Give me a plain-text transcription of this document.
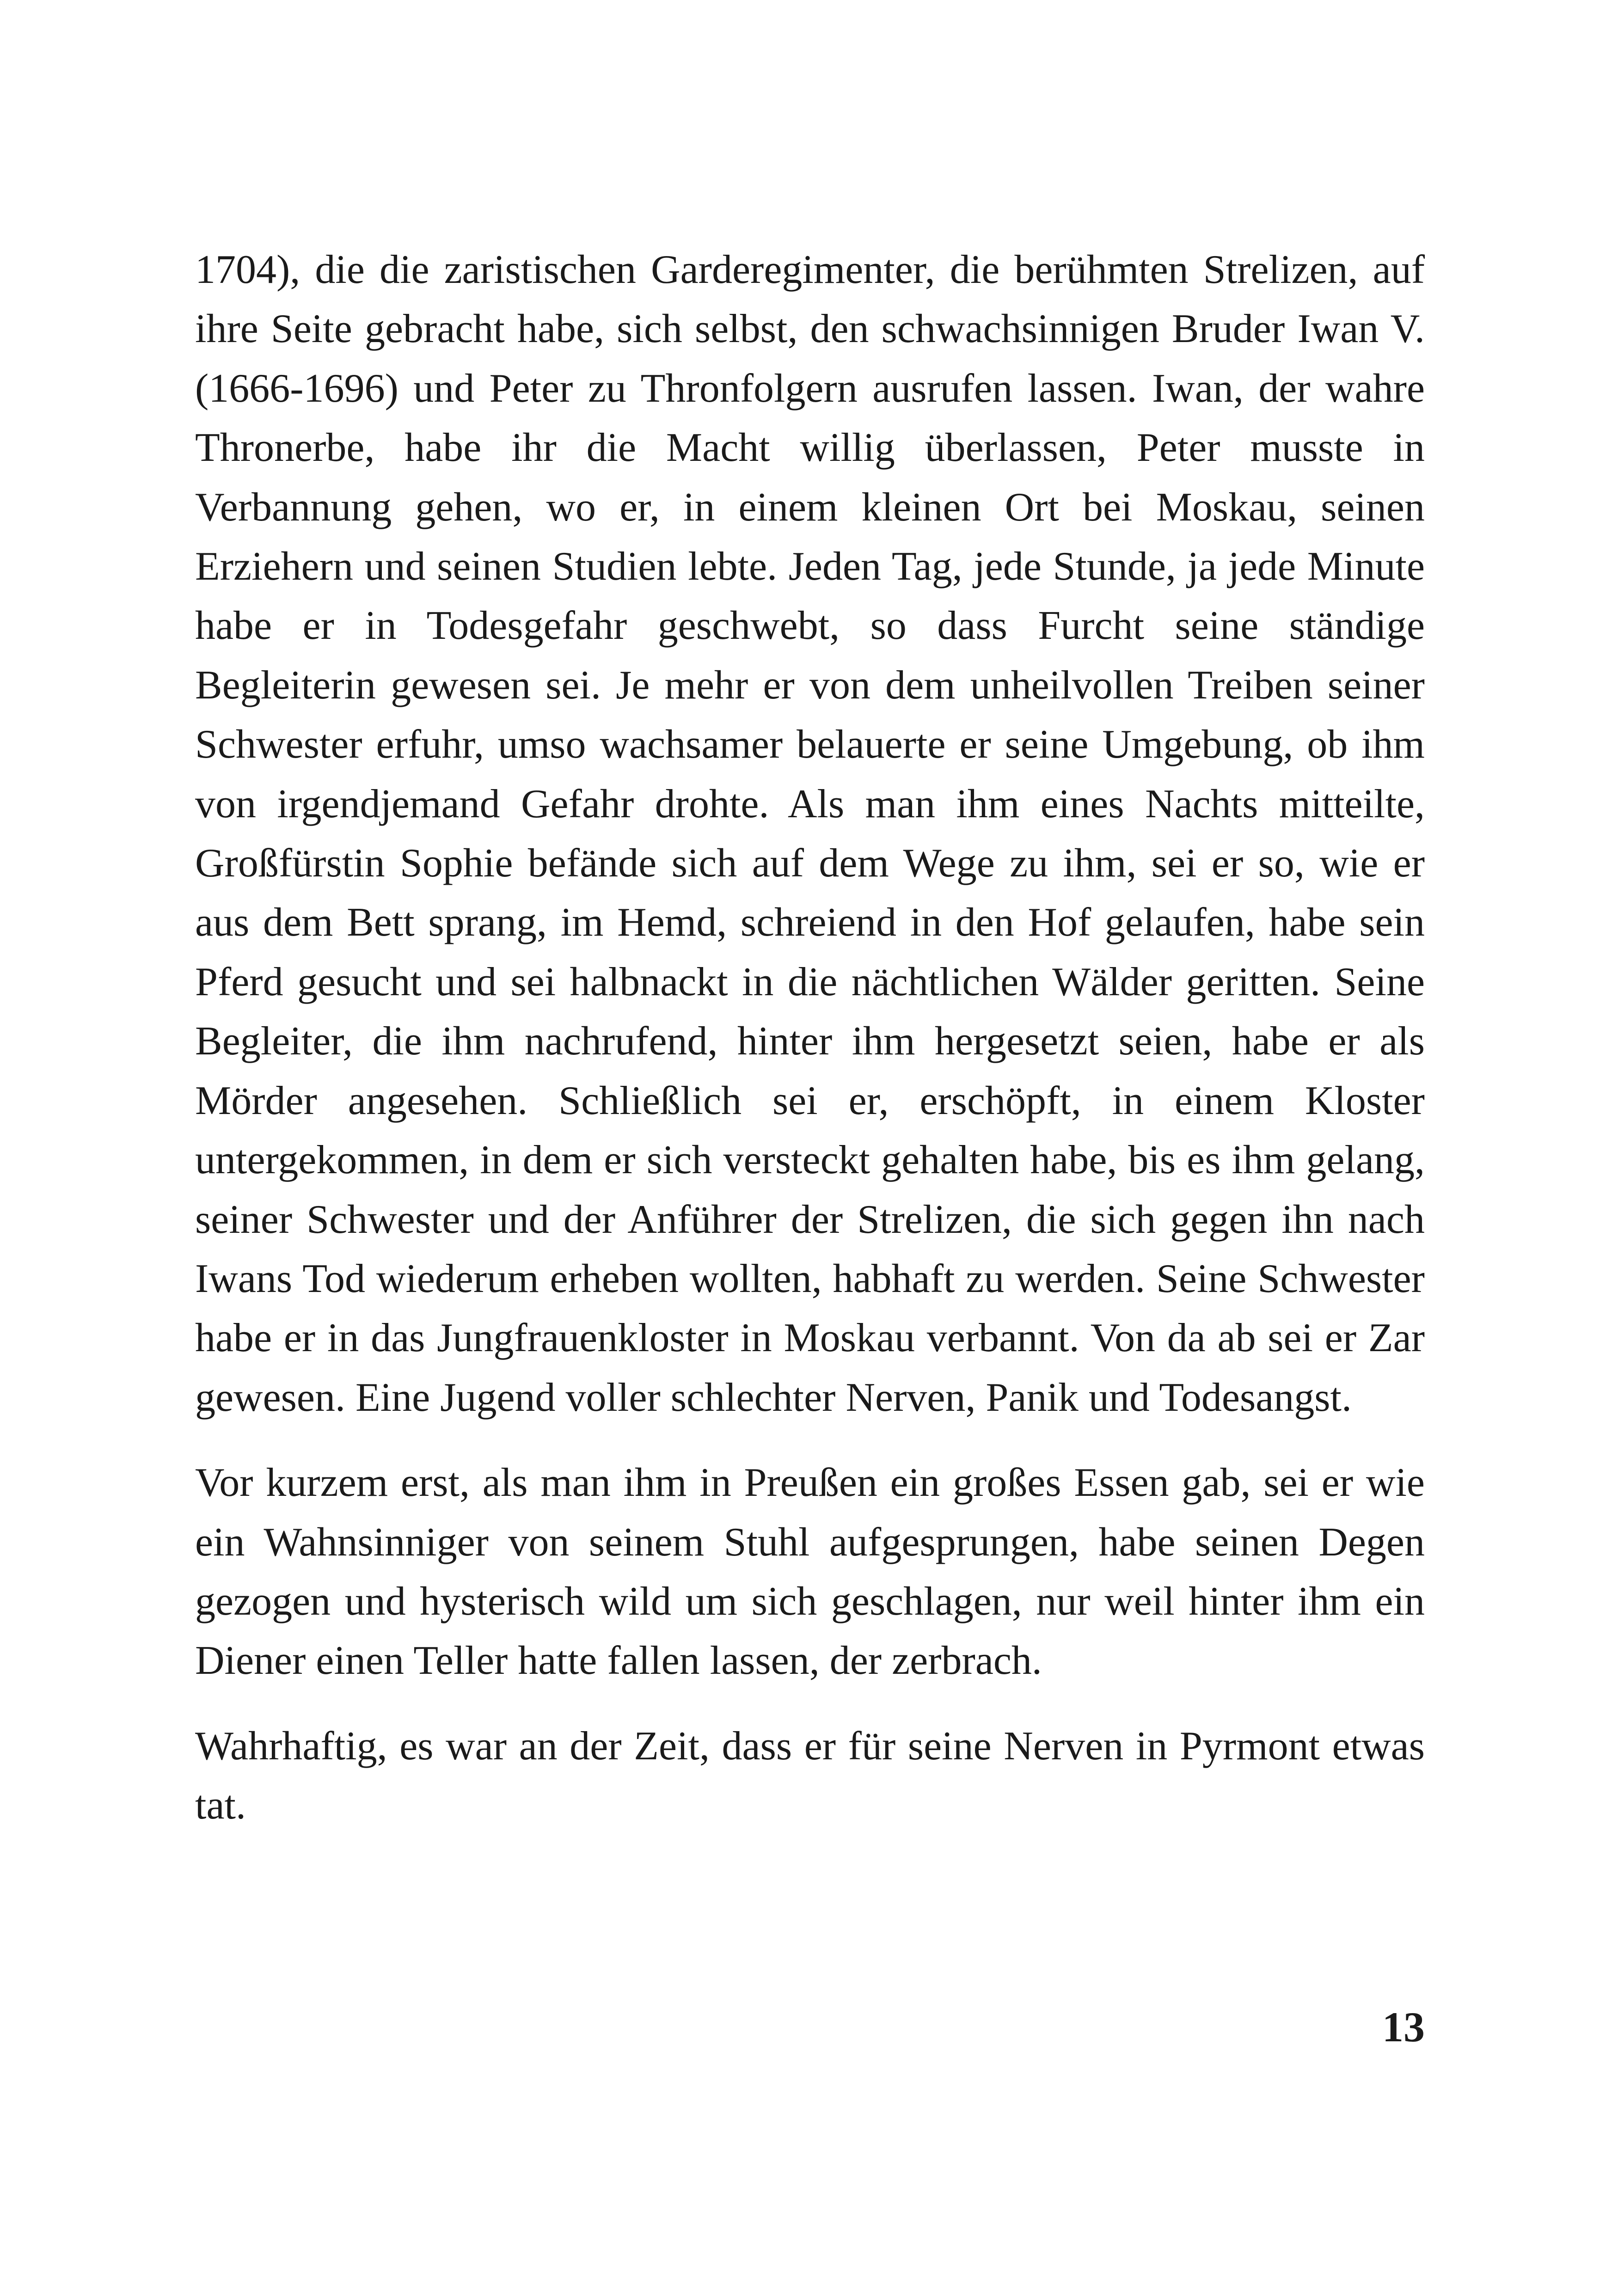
1704), die die zaristischen Garderegimenter, die berühmten Strelizen, auf ihre Seite gebracht habe, sich selbst, den schwachsinnigen Bruder Iwan V. (1666-1696) und Peter zu Thronfolgern ausrufen lassen. Iwan, der wahre Thronerbe, habe ihr die Macht willig überlassen, Peter musste in Verbannung gehen, wo er, in einem kleinen Ort bei Moskau, seinen Erziehern und seinen Studien lebte. Jeden Tag, jede Stunde, ja jede Minute habe er in Todesgefahr geschwebt, so dass Furcht seine ständige Begleiterin gewesen sei. Je mehr er von dem unheilvollen Treiben seiner Schwester erfuhr, umso wachsamer belauerte er seine Umgebung, ob ihm von irgendjemand Gefahr drohte. Als man ihm eines Nachts mitteilte, Großfürstin Sophie befände sich auf dem Wege zu ihm, sei er so, wie er aus dem Bett sprang, im Hemd, schreiend in den Hof gelaufen, habe sein Pferd gesucht und sei halbnackt in die nächtlichen Wälder geritten. Seine Begleiter, die ihm nachrufend, hinter ihm hergesetzt seien, habe er als Mörder angesehen. Schließlich sei er, erschöpft, in einem Kloster untergekommen, in dem er sich versteckt gehalten habe, bis es ihm gelang, seiner Schwester und der Anführer der Strelizen, die sich gegen ihn nach Iwans Tod wiederum erheben wollten, habhaft zu werden. Seine Schwester habe er in das Jungfrauenkloster in Moskau verbannt. Von da ab sei er Zar gewesen. Eine Jugend voller schlechter Nerven, Panik und Todesangst.

Vor kurzem erst, als man ihm in Preußen ein großes Essen gab, sei er wie ein Wahnsinniger von seinem Stuhl aufgesprungen, habe seinen Degen gezogen und hysterisch wild um sich geschlagen, nur weil hinter ihm ein Diener einen Teller hatte fallen lassen, der zerbrach.

Wahrhaftig, es war an der Zeit, dass er für seine Nerven in Pyrmont etwas tat.

13
